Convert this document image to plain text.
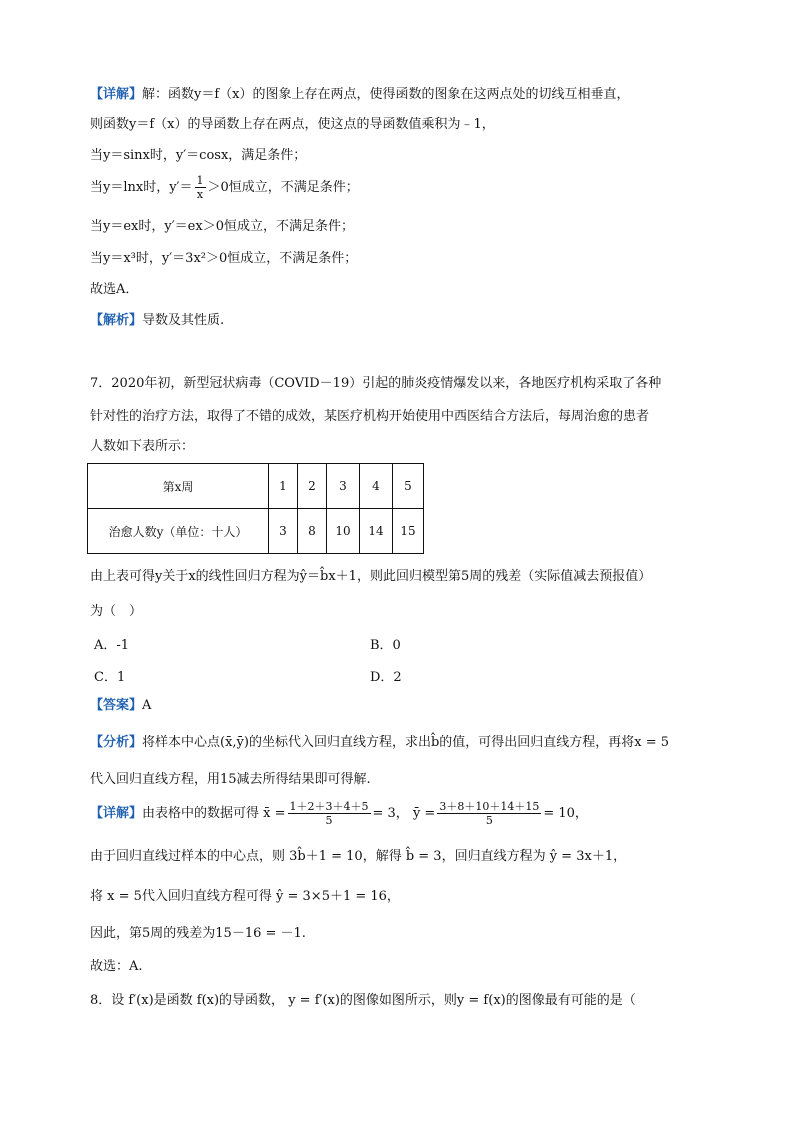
【详解】解：函数y＝f（x）的图象上存在两点，使得函数的图象在这两点处的切线互相垂直，
则函数y＝f（x）的导函数上存在两点，使这点的导函数值乘积为﹣1，
当y＝sinx时，y′＝cosx，满足条件；
当y＝lnx时，$y'= \frac{1}{x} >0$恒成立，不满足条件；
当y＝ex时，y′＝ex＞0恒成立，不满足条件；
当y＝x³时，y′＝3x²＞0恒成立，不满足条件；
故选A．
【解析】导数及其性质.
7．2020年初，新型冠状病毒（COVID－19）引起的肺炎疫情爆发以来，各地医疗机构采取了各种
针对性的治疗方法，取得了不错的成效，某医疗机构开始使用中西医结合方法后，每周治愈的患者
人数如下表所示：
第x周	1	2	3	4	5
治愈人数y（单位：十人）	3	8	10	14	15
由上表可得y关于x的线性回归方程为ŷ＝b̂x＋1，则此回归模型第5周的残差（实际值减去预报值）
为（　）
A．-1	B．0
C．1	D．2
【答案】A
【分析】将样本中心点(x̄,ȳ)的坐标代入回归直线方程，求出b̂的值，可得出回归直线方程，再将x = 5
代入回归直线方程，用15减去所得结果即可得解.
【详解】由表格中的数据可得 x̄ = $\frac{1+2+3+4+5}{5} = 3$， ȳ = $\frac{3+8+10+14+15}{5} = 10$，
由于回归直线过样本的中心点，则 3b̂＋1 = 10，解得 b̂ = 3，回归直线方程为 ŷ = 3x＋1，
将 x = 5代入回归直线方程可得 ŷ = 3×5＋1 = 16，
因此，第5周的残差为15－16 = －1.
故选：A.
8．设 f′(x)是函数 f(x)的导函数， y = f′(x)的图像如图所示，则y = f(x)的图像最有可能的是（
